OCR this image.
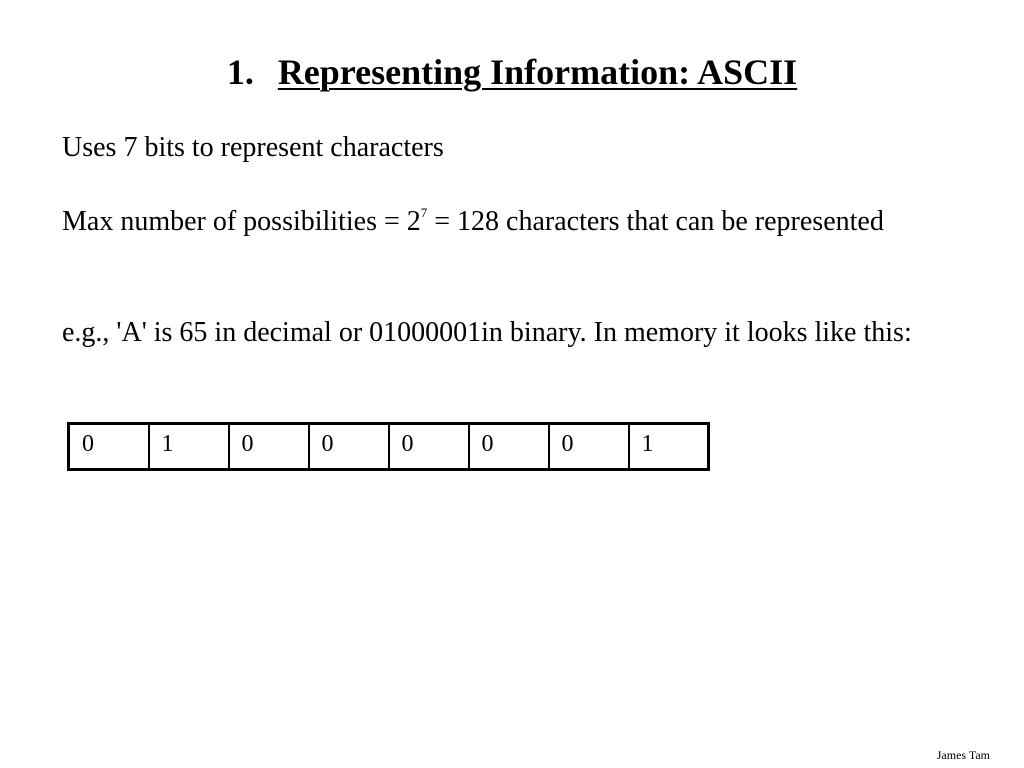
1. Representing Information: ASCII

Uses 7 bits to represent characters

Max number of possibilities = $2^7 = 128$ characters that can be represented

e.g., 'A' is 65 in decimal or 01000001in binary. In memory it looks like this:

0	1	0	0	0	0	0	1
James Tam
